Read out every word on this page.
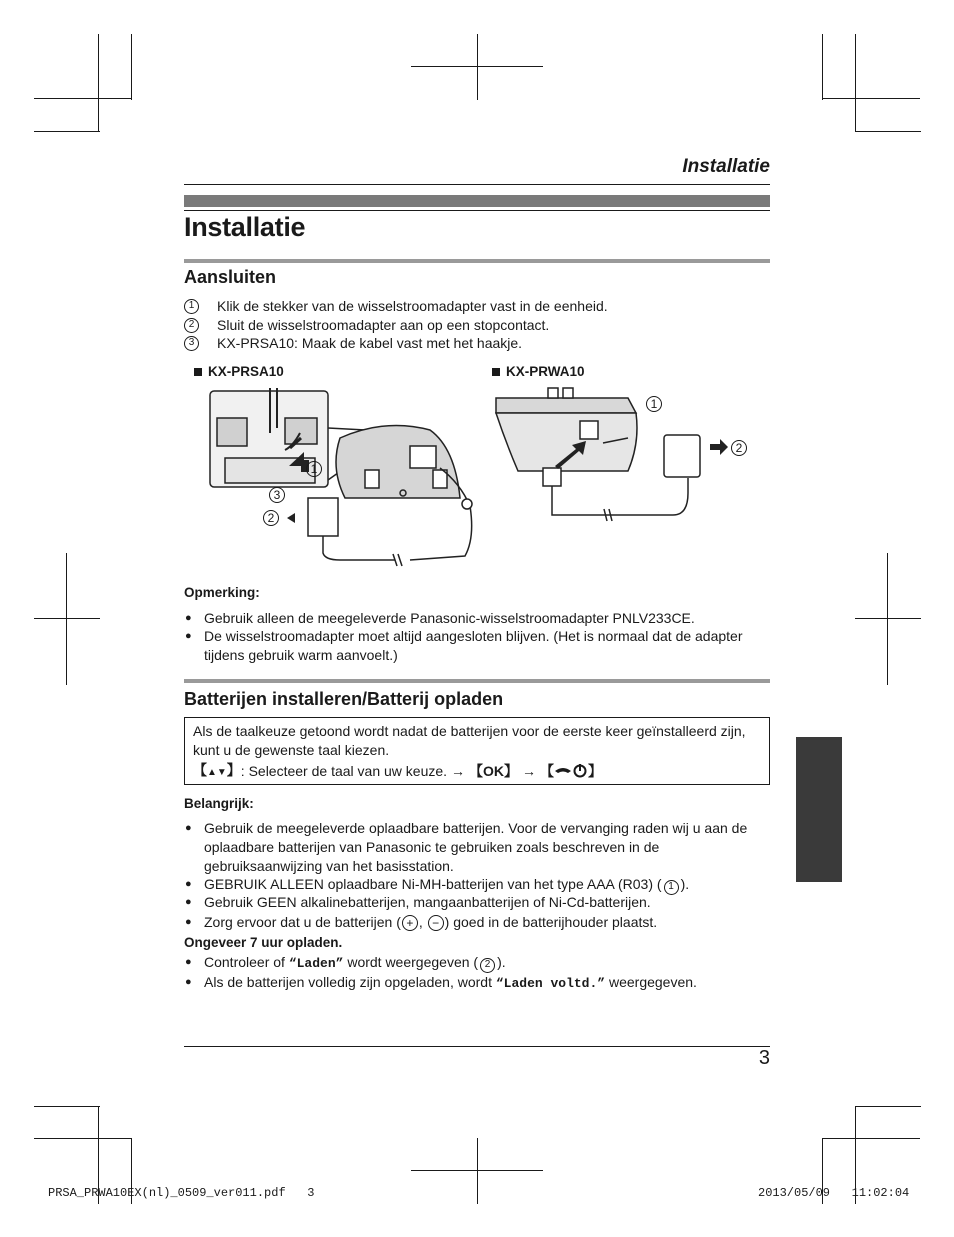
Installatie
Installatie
Aansluiten
1	Klik de stekker van de wisselstroomadapter vast in de eenheid.
2	Sluit de wisselstroomadapter aan op een stopcontact.
3	KX-PRSA10: Maak de kabel vast met het haakje.
KX-PRSA10	KX-PRWA10
1
3
2
1
2
Opmerking:
● Gebruik alleen de meegeleverde Panasonic-wisselstroomadapter PNLV233CE.
● De wisselstroomadapter moet altijd aangesloten blijven. (Het is normaal dat de adapter tijdens gebruik warm aanvoelt.)
Batterijen installeren/Batterij opladen
Als de taalkeuze getoond wordt nadat de batterijen voor de eerste keer geïnstalleerd zijn, kunt u de gewenste taal kiezen.
【▲▼】 : Selecteer de taal van uw keuze. → 【OK】 → 【 】
Belangrijk:
● Gebruik de meegeleverde oplaadbare batterijen. Voor de vervanging raden wij u aan de oplaadbare batterijen van Panasonic te gebruiken zoals beschreven in de gebruiksaanwijzing van het basisstation.
● GEBRUIK ALLEEN oplaadbare Ni-MH-batterijen van het type AAA (R03) ( 1 ).
● Gebruik GEEN alkalinebatterijen, mangaanbatterijen of Ni-Cd-batterijen.
● Zorg ervoor dat u de batterijen ( + , − ) goed in de batterijhouder plaatst.
Ongeveer 7 uur opladen.
● Controleer of “Laden” wordt weergegeven ( 2 ).
● Als de batterijen volledig zijn opgeladen, wordt “Laden voltd.” weergegeven.
3
PRSA_PRWA10EX(nl)_0509_ver011.pdf   3	2013/05/09   11:02:04
